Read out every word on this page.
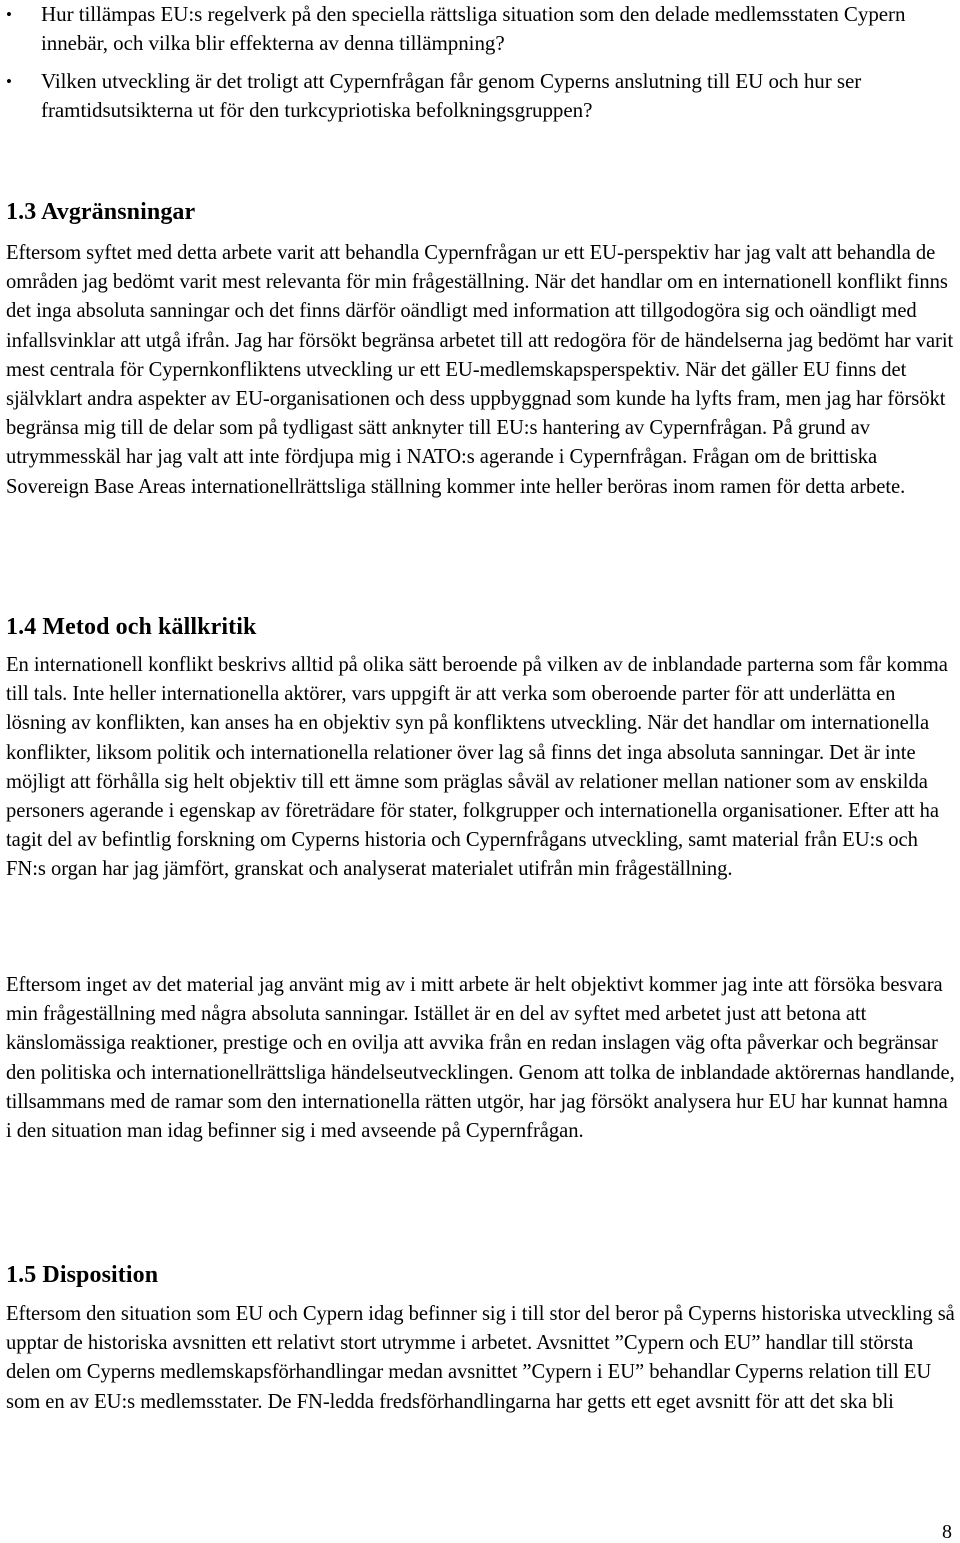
•	Hur tillämpas EU:s regelverk på den speciella rättsliga situation som den delade medlemsstaten Cypern innebär, och vilka blir effekterna av denna tillämpning?
•	Vilken utveckling är det troligt att Cypernfrågan får genom Cyperns anslutning till EU och hur ser framtidsutsikterna ut för den turkcypriotiska befolkningsgruppen?
1.3 Avgränsningar

Eftersom syftet med detta arbete varit att behandla Cypernfrågan ur ett EU-perspektiv har jag valt att behandla de områden jag bedömt varit mest relevanta för min frågeställning. När det handlar om en internationell konflikt finns det inga absoluta sanningar och det finns därför oändligt med information att tillgodogöra sig och oändligt med infallsvinklar att utgå ifrån. Jag har försökt begränsa arbetet till att redogöra för de händelserna jag bedömt har varit mest centrala för Cypernkonfliktens utveckling ur ett EU-medlemskapsperspektiv. När det gäller EU finns det självklart andra aspekter av EU-organisationen och dess uppbyggnad som kunde ha lyfts fram, men jag har försökt begränsa mig till de delar som på tydligast sätt anknyter till EU:s hantering av Cypernfrågan. På grund av utrymmesskäl har jag valt att inte fördjupa mig i NATO:s agerande i Cypernfrågan. Frågan om de brittiska Sovereign Base Areas internationellrättsliga ställning kommer inte heller beröras inom ramen för detta arbete.

1.4 Metod och källkritik

En internationell konflikt beskrivs alltid på olika sätt beroende på vilken av de inblandade parterna som får komma till tals. Inte heller internationella aktörer, vars uppgift är att verka som oberoende parter för att underlätta en lösning av konflikten, kan anses ha en objektiv syn på konfliktens utveckling. När det handlar om internationella konflikter, liksom politik och internationella relationer över lag så finns det inga absoluta sanningar. Det är inte möjligt att förhålla sig helt objektiv till ett ämne som präglas såväl av relationer mellan nationer som av enskilda personers agerande i egenskap av företrädare för stater, folkgrupper och internationella organisationer. Efter att ha tagit del av befintlig forskning om Cyperns historia och Cypernfrågans utveckling, samt material från EU:s och FN:s organ har jag jämfört, granskat och analyserat materialet utifrån min frågeställning.

Eftersom inget av det material jag använt mig av i mitt arbete är helt objektivt kommer jag inte att försöka besvara min frågeställning med några absoluta sanningar. Istället är en del av syftet med arbetet just att betona att känslomässiga reaktioner, prestige och en ovilja att avvika från en redan inslagen väg ofta påverkar och begränsar den politiska och internationellrättsliga händelseutvecklingen. Genom att tolka de inblandade aktörernas handlande, tillsammans med de ramar som den internationella rätten utgör, har jag försökt analysera hur EU har kunnat hamna i den situation man idag befinner sig i med avseende på Cypernfrågan.

1.5 Disposition

Eftersom den situation som EU och Cypern idag befinner sig i till stor del beror på Cyperns historiska utveckling så upptar de historiska avsnitten ett relativt stort utrymme i arbetet. Avsnittet ”Cypern och EU” handlar till största delen om Cyperns medlemskapsförhandlingar medan avsnittet ”Cypern i EU” behandlar Cyperns relation till EU som en av EU:s medlemsstater. De FN-ledda fredsförhandlingarna har getts ett eget avsnitt för att det ska bli

8
